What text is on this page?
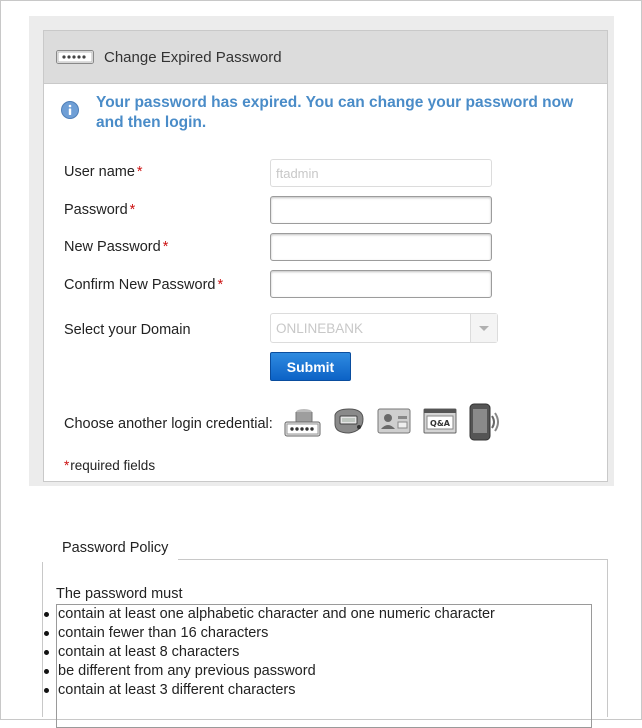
Change Expired Password
Your password has expired. You can change your password now and then login.
User name *
ftadmin
Password *
New Password *
Confirm New Password *
Select your Domain	ONLINEBANK
Submit
Choose another login credential:	Q&A
*required fields
The password must
contain at least one alphabetic character and one numeric character
contain fewer than 16 characters
contain at least 8 characters
be different from any previous password
contain at least 3 different characters
Password Policy
